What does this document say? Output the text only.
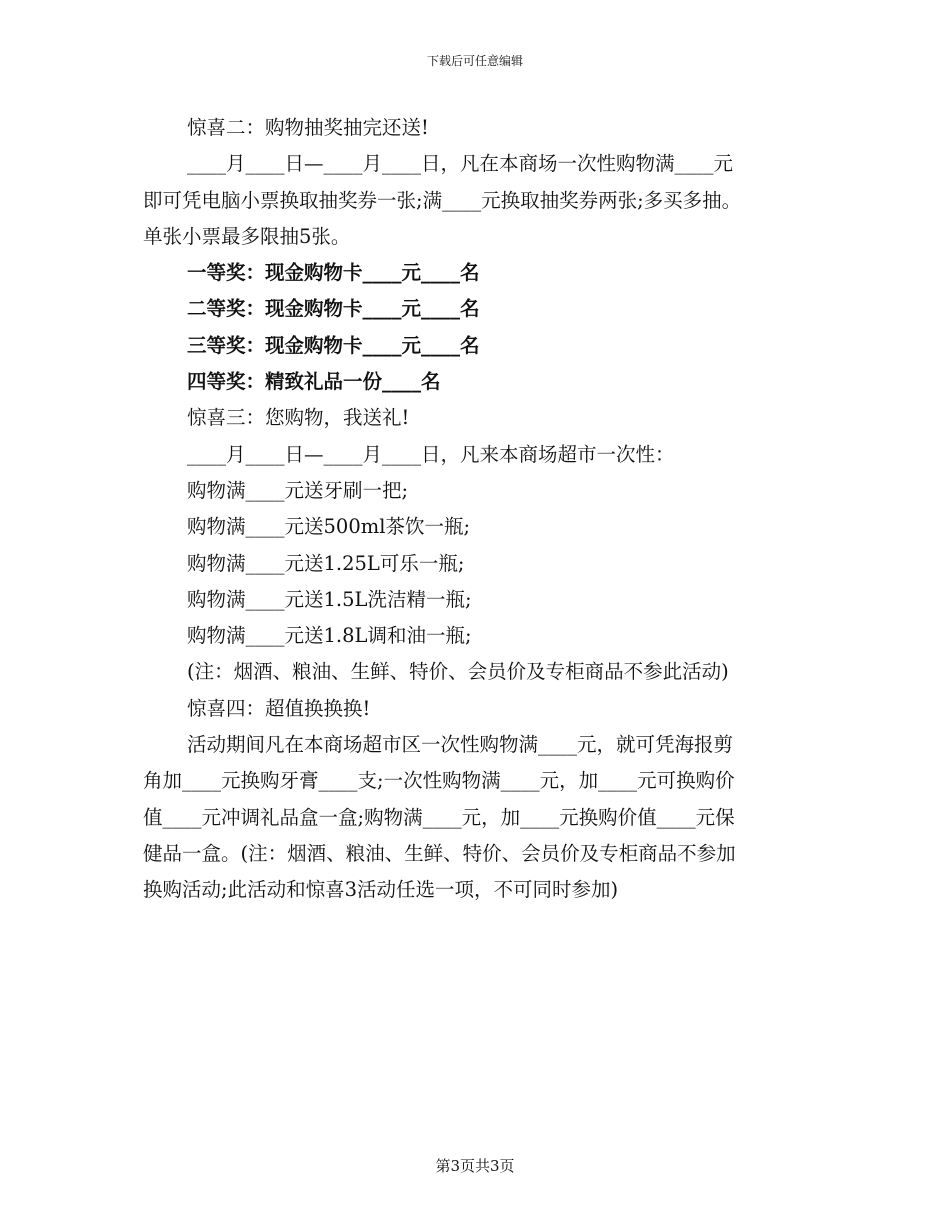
下载后可任意编辑

惊喜二：购物抽奖抽完还送!

____月____日—____月____日，凡在本商场一次性购物满____元

即可凭电脑小票换取抽奖券一张;满____元换取抽奖券两张;多买多抽。

单张小票最多限抽5张。

一等奖：现金购物卡____元____名

二等奖：现金购物卡____元____名

三等奖：现金购物卡____元____名

四等奖：精致礼品一份____名

惊喜三：您购物，我送礼!

____月____日—____月____日，凡来本商场超市一次性：

购物满____元送牙刷一把;

购物满____元送500ml茶饮一瓶;

购物满____元送1.25L可乐一瓶;

购物满____元送1.5L洗洁精一瓶;

购物满____元送1.8L调和油一瓶;

(注：烟酒、粮油、生鲜、特价、会员价及专柜商品不参此活动)

惊喜四：超值换换换!

活动期间凡在本商场超市区一次性购物满____元，就可凭海报剪

角加____元换购牙膏____支;一次性购物满____元，加____元可换购价

值____元冲调礼品盒一盒;购物满____元，加____元换购价值____元保

健品一盒。(注：烟酒、粮油、生鲜、特价、会员价及专柜商品不参加

换购活动;此活动和惊喜3活动任选一项，不可同时参加)

第3页共3页
